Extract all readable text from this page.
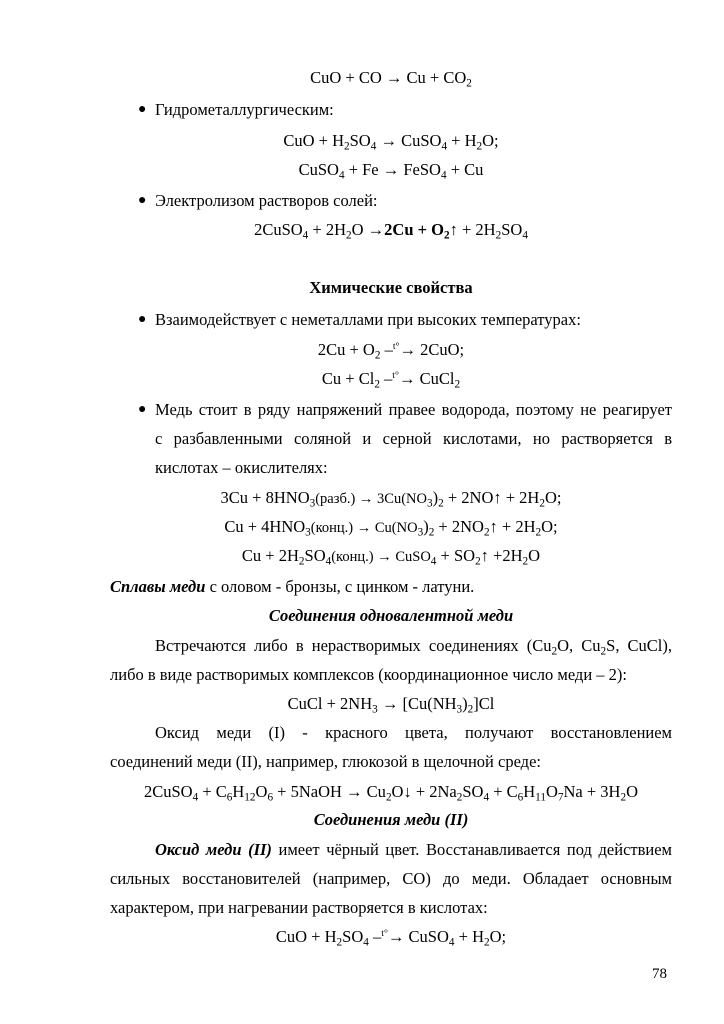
CuO + CO → $Cu + CO_2$
● Гидрометаллургическим:
CuO + $H_2SO_4$ → CuSO$_4$ + $H_2O$;
CuSO$_4$ + Fe → FeSO$_4$ + Cu
● Электролизом растворов солей:
2CuSO$_4$ + $2H_2O \to 2Cu$ + $O_2↑ + 2H_2SO_4$
Химические свойства
● Взаимодействует с неметаллами при высоких температурах:
$2Cu + O_2$ –$^{t^\circ}$→ 2CuO;
$Cu + Cl_2$ –$^{t^\circ}$→ CuCl$_2$
● Медь стоит в ряду напряжений правее водорода, поэтому не реагирует
с разбавленными соляной и серной кислотами, но растворяется в
кислотах – окислителях:
$3Cu + 8HNO_3(разб.) \to 3Cu(NO_3)_2$ + 2NO↑ + $2H_2O$;
$Cu + 4HNO_3(конц.) \to Cu(NO_3)_2$ + $2NO_2↑ + 2H_2O$;
$Cu + 2H_2SO_4(конц.)$ → CuSO$_4$ + $SO_2↑ +2H_2O$
Сплавы меди с оловом - бронзы, с цинком - латуни.
Соединения одновалентной меди
Встречаются либо в нерастворимых соединениях ($Cu_2O$, $Cu_2S$, CuCl),
либо в виде растворимых комплексов (координационное число меди – 2):
CuCl + $2NH_3 \to [Cu(NH_3)_2]Cl$
Оксид меди (I) - красного цвета, получают восстановлением
соединений меди (II), например, глюкозой в щелочной среде:
2CuSO$_4$ + $C_6H_{12}O_6$ + 5NaOH → $Cu_2O↓ + 2Na_2SO_4 + C_6H_{11}O_7Na + 3H_2O$
Соединения меди (II)
Оксид меди (II) имеет чёрный цвет. Восстанавливается под действием
сильных восстановителей (например, CO) до меди. Обладает основным
характером, при нагревании растворяется в кислотах:
CuO + $H_2SO_4$ –$^{t^\circ}$→ CuSO$_4$ + $H_2O$;
78
